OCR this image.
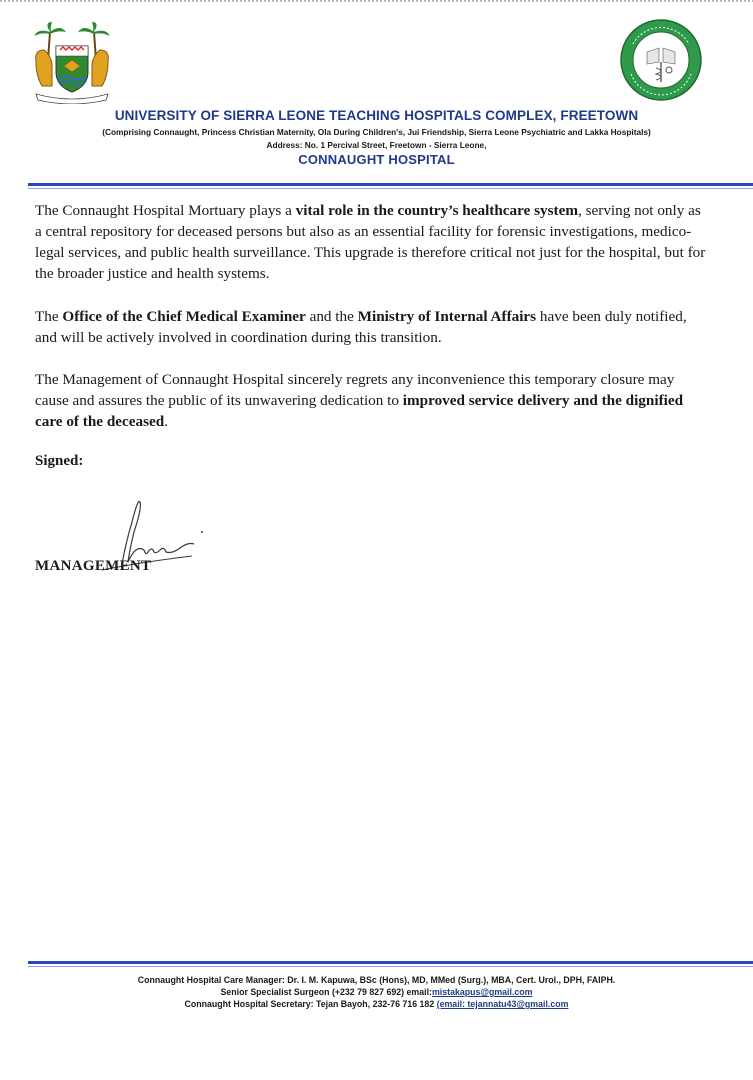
UNIVERSITY OF SIERRA LEONE TEACHING HOSPITALS COMPLEX, FREETOWN
(Comprising Connaught, Princess Christian Maternity, Ola During Children's, Jui Friendship, Sierra Leone Psychiatric and Lakka Hospitals)
Address: No. 1 Percival Street, Freetown - Sierra Leone,
CONNAUGHT HOSPITAL
The Connaught Hospital Mortuary plays a vital role in the country’s healthcare system, serving not only as a central repository for deceased persons but also as an essential facility for forensic investigations, medico-legal services, and public health surveillance. This upgrade is therefore critical not just for the hospital, but for the broader justice and health systems.
The Office of the Chief Medical Examiner and the Ministry of Internal Affairs have been duly notified, and will be actively involved in coordination during this transition.
The Management of Connaught Hospital sincerely regrets any inconvenience this temporary closure may cause and assures the public of its unwavering dedication to improved service delivery and the dignified care of the deceased.
Signed:
MANAGEMENT
Connaught Hospital Care Manager: Dr. I. M. Kapuwa, BSc (Hons), MD, MMed (Surg.), MBA, Cert. Urol., DPH, FAIPH.
Senior Specialist Surgeon (+232 79 827 692) email:mistakapus@gmail.com
Connaught Hospital Secretary: Tejan Bayoh, 232-76 716 182 (email: tejannatu43@gmail.com
